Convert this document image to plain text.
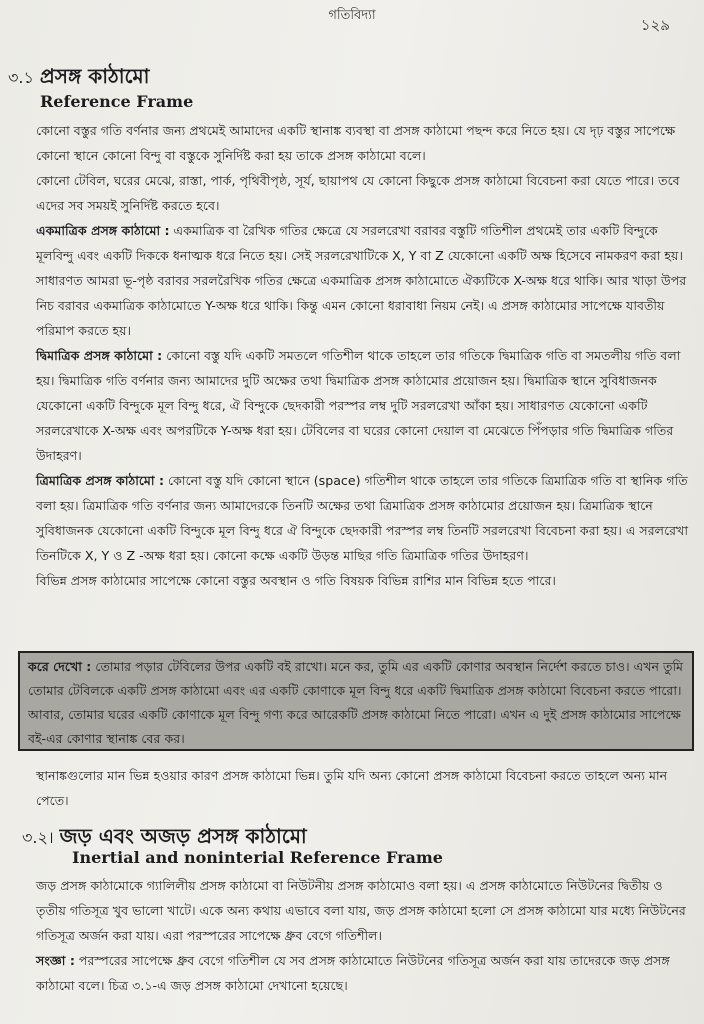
গতিবিদ্যা
১২৯
৩.১ প্রসঙ্গ কাঠামো
Reference Frame

কোনো বস্তুর গতি বর্ণনার জন্য প্রথমেই আমাদের একটি স্থানাঙ্ক ব্যবস্থা বা প্রসঙ্গ কাঠামো পছন্দ করে নিতে হয়। যে দৃঢ় বস্তুর সাপেক্ষে কোনো স্থানে কোনো বিন্দু বা বস্তুকে সুনির্দিষ্ট করা হয় তাকে প্রসঙ্গ কাঠামো বলে।

কোনো টেবিল, ঘরের মেঝে, রাস্তা, পার্ক, পৃথিবীপৃষ্ঠ, সূর্য, ছায়াপথ যে কোনো কিছুকে প্রসঙ্গ কাঠামো বিবেচনা করা যেতে পারে। তবে এদের সব সময়ই সুনির্দিষ্ট করতে হবে।

একমাত্রিক প্রসঙ্গ কাঠামো : একমাত্রিক বা রৈখিক গতির ক্ষেত্রে যে সরলরেখা বরাবর বস্তুটি গতিশীল প্রথমেই তার একটি বিন্দুকে মূলবিন্দু এবং একটি দিককে ধনাত্মক ধরে নিতে হয়। সেই সরলরেখাটিকে X, Y বা Z যেকোনো একটি অক্ষ হিসেবে নামকরণ করা হয়। সাধারণত আমরা ভূ-পৃষ্ঠ বরাবর সরলরৈখিক গতির ক্ষেত্রে একমাত্রিক প্রসঙ্গ কাঠামোতে ঐক্যটিকে X-অক্ষ ধরে থাকি। আর খাড়া উপর নিচ বরাবর একমাত্রিক কাঠামোতে Y-অক্ষ ধরে থাকি। কিন্তু এমন কোনো ধরাবাধা নিয়ম নেই। এ প্রসঙ্গ কাঠামোর সাপেক্ষে যাবতীয় পরিমাপ করতে হয়।

দ্বিমাত্রিক প্রসঙ্গ কাঠামো : কোনো বস্তু যদি একটি সমতলে গতিশীল থাকে তাহলে তার গতিকে দ্বিমাত্রিক গতি বা সমতলীয় গতি বলা হয়। দ্বিমাত্রিক গতি বর্ণনার জন্য আমাদের দুটি অক্ষের তথা দ্বিমাত্রিক প্রসঙ্গ কাঠামোর প্রয়োজন হয়। দ্বিমাত্রিক স্থানে সুবিধাজনক যেকোনো একটি বিন্দুকে মূল বিন্দু ধরে, ঐ বিন্দুকে ছেদকারী পরস্পর লম্ব দুটি সরলরেখা আঁকা হয়। সাধারণত যেকোনো একটি সরলরেখাকে X-অক্ষ এবং অপরটিকে Y-অক্ষ ধরা হয়। টেবিলের বা ঘরের কোনো দেয়াল বা মেঝেতে পিঁপড়ার গতি দ্বিমাত্রিক গতির উদাহরণ।

ত্রিমাত্রিক প্রসঙ্গ কাঠামো : কোনো বস্তু যদি কোনো স্থানে (space) গতিশীল থাকে তাহলে তার গতিকে ত্রিমাত্রিক গতি বা স্থানিক গতি বলা হয়। ত্রিমাত্রিক গতি বর্ণনার জন্য আমাদেরকে তিনটি অক্ষের তথা ত্রিমাত্রিক প্রসঙ্গ কাঠামোর প্রয়োজন হয়। ত্রিমাত্রিক স্থানে সুবিধাজনক যেকোনো একটি বিন্দুকে মূল বিন্দু ধরে ঐ বিন্দুকে ছেদকারী পরস্পর লম্ব তিনটি সরলরেখা বিবেচনা করা হয়। এ সরলরেখা তিনটিকে X, Y ও Z -অক্ষ ধরা হয়। কোনো কক্ষে একটি উড়ন্ত মাছির গতি ত্রিমাত্রিক গতির উদাহরণ।

বিভিন্ন প্রসঙ্গ কাঠামোর সাপেক্ষে কোনো বস্তুর অবস্থান ও গতি বিষয়ক বিভিন্ন রাশির মান বিভিন্ন হতে পারে।

করে দেখো : তোমার পড়ার টেবিলের উপর একটি বই রাখো। মনে কর, তুমি এর একটি কোণার অবস্থান নির্দেশ করতে চাও। এখন তুমি তোমার টেবিলকে একটি প্রসঙ্গ কাঠামো এবং এর একটি কোণাকে মূল বিন্দু ধরে একটি দ্বিমাত্রিক প্রসঙ্গ কাঠামো বিবেচনা করতে পারো। আবার, তোমার ঘরের একটি কোণাকে মূল বিন্দু গণ্য করে আরেকটি প্রসঙ্গ কাঠামো নিতে পারো। এখন এ দুই প্রসঙ্গ কাঠামোর সাপেক্ষে বই-এর কোণার স্থানাঙ্ক বের কর।

স্থানাঙ্কগুলোর মান ভিন্ন হওয়ার কারণ প্রসঙ্গ কাঠামো ভিন্ন। তুমি যদি অন্য কোনো প্রসঙ্গ কাঠামো বিবেচনা করতে তাহলে অন্য মান পেতে।

৩.২। জড় এবং অজড় প্রসঙ্গ কাঠামো
Inertial and noninterial Reference Frame

জড় প্রসঙ্গ কাঠামোকে গ্যালিলীয় প্রসঙ্গ কাঠামো বা নিউটনীয় প্রসঙ্গ কাঠামোও বলা হয়। এ প্রসঙ্গ কাঠামোতে নিউটনের দ্বিতীয় ও তৃতীয় গতিসূত্র খুব ভালো খাটে। একে অন্য কথায় এভাবে বলা যায়, জড় প্রসঙ্গ কাঠামো হলো সে প্রসঙ্গ কাঠামো যার মধ্যে নিউটনের গতিসূত্র অর্জন করা যায়। এরা পরস্পরের সাপেক্ষে ধ্রুব বেগে গতিশীল।

সংজ্ঞা : পরস্পরের সাপেক্ষে ধ্রুব বেগে গতিশীল যে সব প্রসঙ্গ কাঠামোতে নিউটনের গতিসূত্র অর্জন করা যায় তাদেরকে জড় প্রসঙ্গ কাঠামো বলে। চিত্র ৩.১-এ জড় প্রসঙ্গ কাঠামো দেখানো হয়েছে।
